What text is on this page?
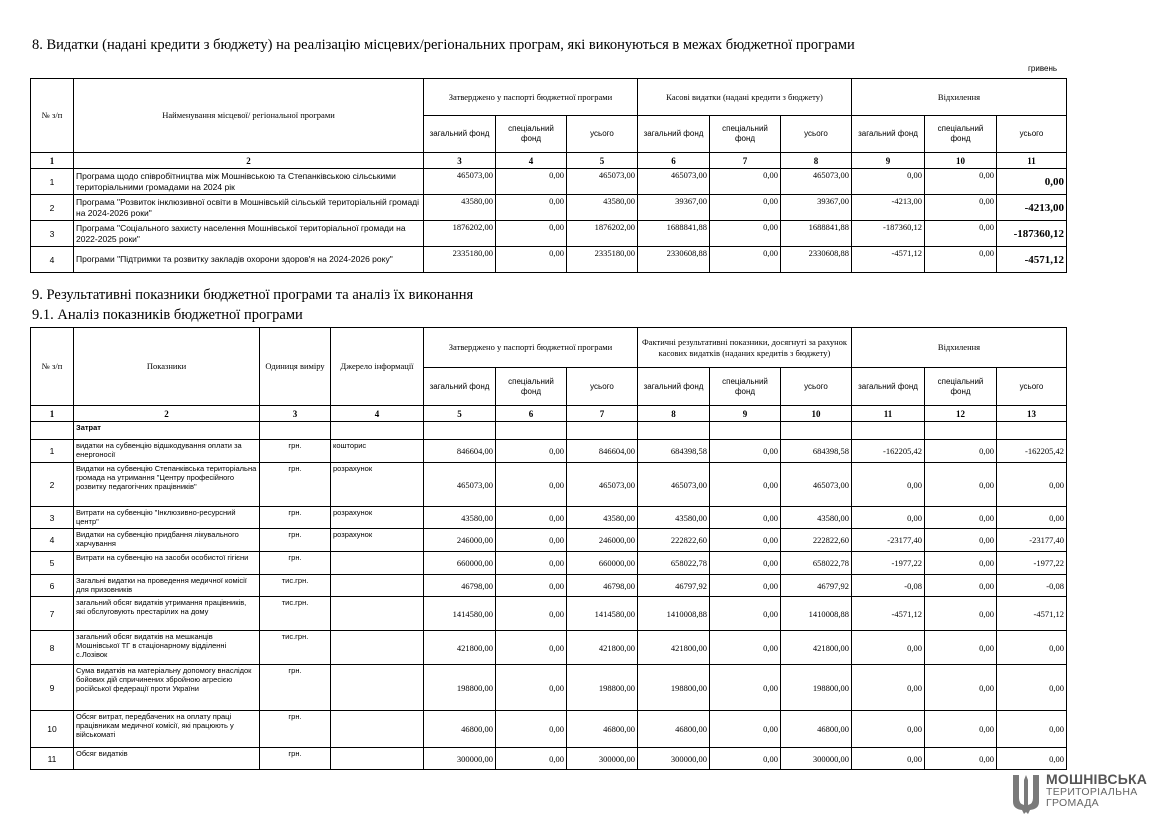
8. Видатки (надані кредити з бюджету) на реалізацію місцевих/регіональних програм, які виконуються в межах бюджетної програми
гривень
№ з/п	Найменування місцевої/ регіональної програми	Затверджено у паспорті бюджетної програми			Касові видатки (надані кредити з бюджету)			Відхилення		
		загальний фонд	спеціальний фонд	усього	загальний фонд	спеціальний фонд	усього	загальний фонд	спеціальний фонд	усього
1	2	3	4	5	6	7	8	9	10	11
1	Програма щодо співробітництва між Мошнівською та Степанківською сільськими територіальними громадами на 2024 рік	465073,00	0,00	465073,00	465073,00	0,00	465073,00	0,00	0,00	0,00
2	Програма "Розвиток інклюзивної освіти в Мошнівській сільській територіальній громаді на 2024-2026 роки"	43580,00	0,00	43580,00	39367,00	0,00	39367,00	-4213,00	0,00	-4213,00
3	Програма "Соціального захисту населення Мошнівської територіальної громади на 2022-2025 роки"	1876202,00	0,00	1876202,00	1688841,88	0,00	1688841,88	-187360,12	0,00	-187360,12
4	Програми "Підтримки та розвитку закладів охорони здоров'я на 2024-2026 року"	2335180,00	0,00	2335180,00	2330608,88	0,00	2330608,88	-4571,12	0,00	-4571,12
9. Результативні показники бюджетної програми та аналіз їх виконання
9.1. Аналіз показників бюджетної програми
№ з/п	Показники	Одиниця виміру	Джерело інформації	Затверджено у паспорті бюджетної програми			Фактичні результативні показники, досягнуті за рахунок касових видатків (наданих кредитів з бюджету)			Відхилення		
				загальний фонд	спеціальний фонд	усього	загальний фонд	спеціальний фонд	усього	загальний фонд	спеціальний фонд	усього
1	2	3	4	5	6	7	8	9	10	11	12	13
	Затрат											
1	видатки на субвенцію відшкодування оплати за енергоносії	грн.	кошторис	846604,00	0,00	846604,00	684398,58	0,00	684398,58	-162205,42	0,00	-162205,42
2	Видатки на субвенцію Степанківська територіальна громада на утримання "Центру професійного розвитку педагогічних працівників"	грн.	розрахунок	465073,00	0,00	465073,00	465073,00	0,00	465073,00	0,00	0,00	0,00
3	Витрати на субвенцію "Інклюзивно-ресурсний центр"	грн.	розрахунок	43580,00	0,00	43580,00	43580,00	0,00	43580,00	0,00	0,00	0,00
4	Видатки на субвенцію придбання лікувального харчування	грн.	розрахунок	246000,00	0,00	246000,00	222822,60	0,00	222822,60	-23177,40	0,00	-23177,40
5	Витрати на субвенцію на засоби особистої гігієни	грн.		660000,00	0,00	660000,00	658022,78	0,00	658022,78	-1977,22	0,00	-1977,22
6	Загальні видатки на проведення медичної комісії для призовників	тис.грн.		46798,00	0,00	46798,00	46797,92	0,00	46797,92	-0,08	0,00	-0,08
7	загальний обсяг видатків утримання працівників, які обслуговують престарілих на дому	тис.грн.		1414580,00	0,00	1414580,00	1410008,88	0,00	1410008,88	-4571,12	0,00	-4571,12
8	загальний обсяг видатків на мешканців Мошнівської ТГ в стаціонарному відділенні с.Лозівок	тис.грн.		421800,00	0,00	421800,00	421800,00	0,00	421800,00	0,00	0,00	0,00
9	Сума видатків на матеріальну допомогу внаслідок бойових дій спричинених збройною агресією російської федерації проти України	грн.		198800,00	0,00	198800,00	198800,00	0,00	198800,00	0,00	0,00	0,00
10	Обсяг витрат, передбачених на оплату праці працівникам медичної комісії, які працюють у військоматі	грн.		46800,00	0,00	46800,00	46800,00	0,00	46800,00	0,00	0,00	0,00
11	Обсяг видатків	грн.		300000,00	0,00	300000,00	300000,00	0,00	300000,00	0,00	0,00	0,00
МОШНІВСЬКА
ТЕРИТОРІАЛЬНА
ГРОМАДА
